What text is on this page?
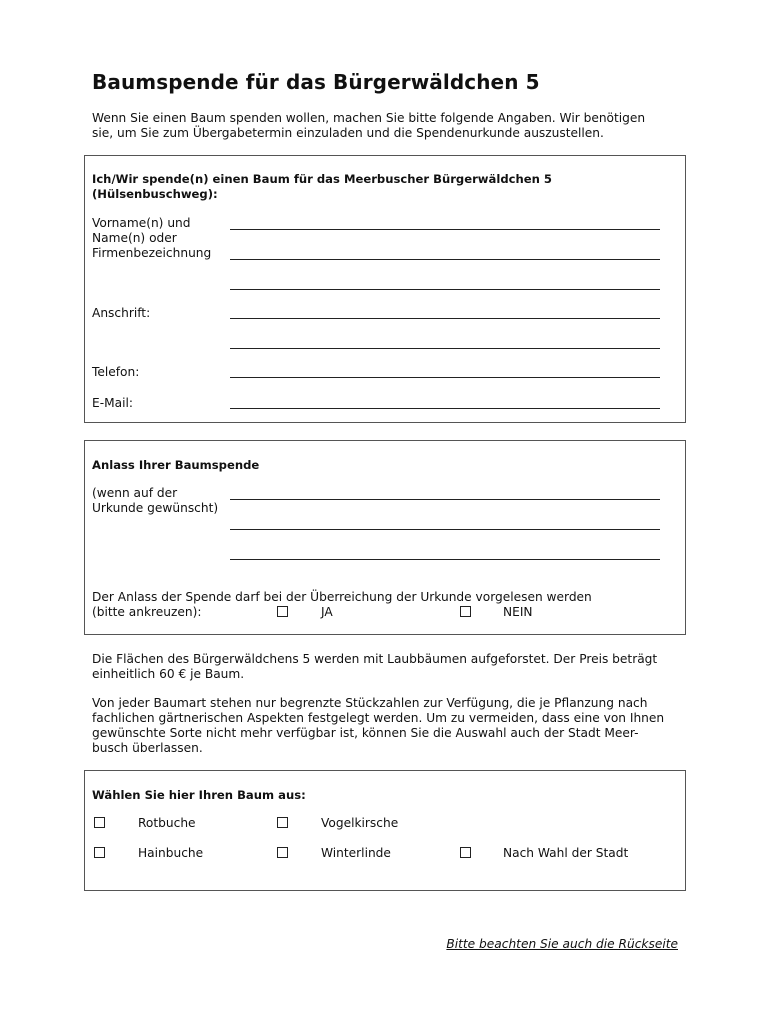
Baumspende für das Bürgerwäldchen 5
Wenn Sie einen Baum spenden wollen, machen Sie bitte folgende Angaben. Wir benötigen
sie, um Sie zum Übergabetermin einzuladen und die Spendenurkunde auszustellen.
Ich/Wir spende(n) einen Baum für das Meerbuscher Bürgerwäldchen 5
(Hülsenbuschweg):
Vorname(n) und
Name(n) oder
Firmenbezeichnung
Anschrift:
Telefon:
E-Mail:
Anlass Ihrer Baumspende
(wenn auf der
Urkunde gewünscht)
Der Anlass der Spende darf bei der Überreichung der Urkunde vorgelesen werden
(bitte ankreuzen):	JA	NEIN
Die Flächen des Bürgerwäldchens 5 werden mit Laubbäumen aufgeforstet. Der Preis beträgt
einheitlich 60 € je Baum.
Von jeder Baumart stehen nur begrenzte Stückzahlen zur Verfügung, die je Pflanzung nach
fachlichen gärtnerischen Aspekten festgelegt werden. Um zu vermeiden, dass eine von Ihnen
gewünschte Sorte nicht mehr verfügbar ist, können Sie die Auswahl auch der Stadt Meer-
busch überlassen.
Wählen Sie hier Ihren Baum aus:
Rotbuche	Vogelkirsche
Hainbuche	Winterlinde	Nach Wahl der Stadt
Bitte beachten Sie auch die Rückseite
